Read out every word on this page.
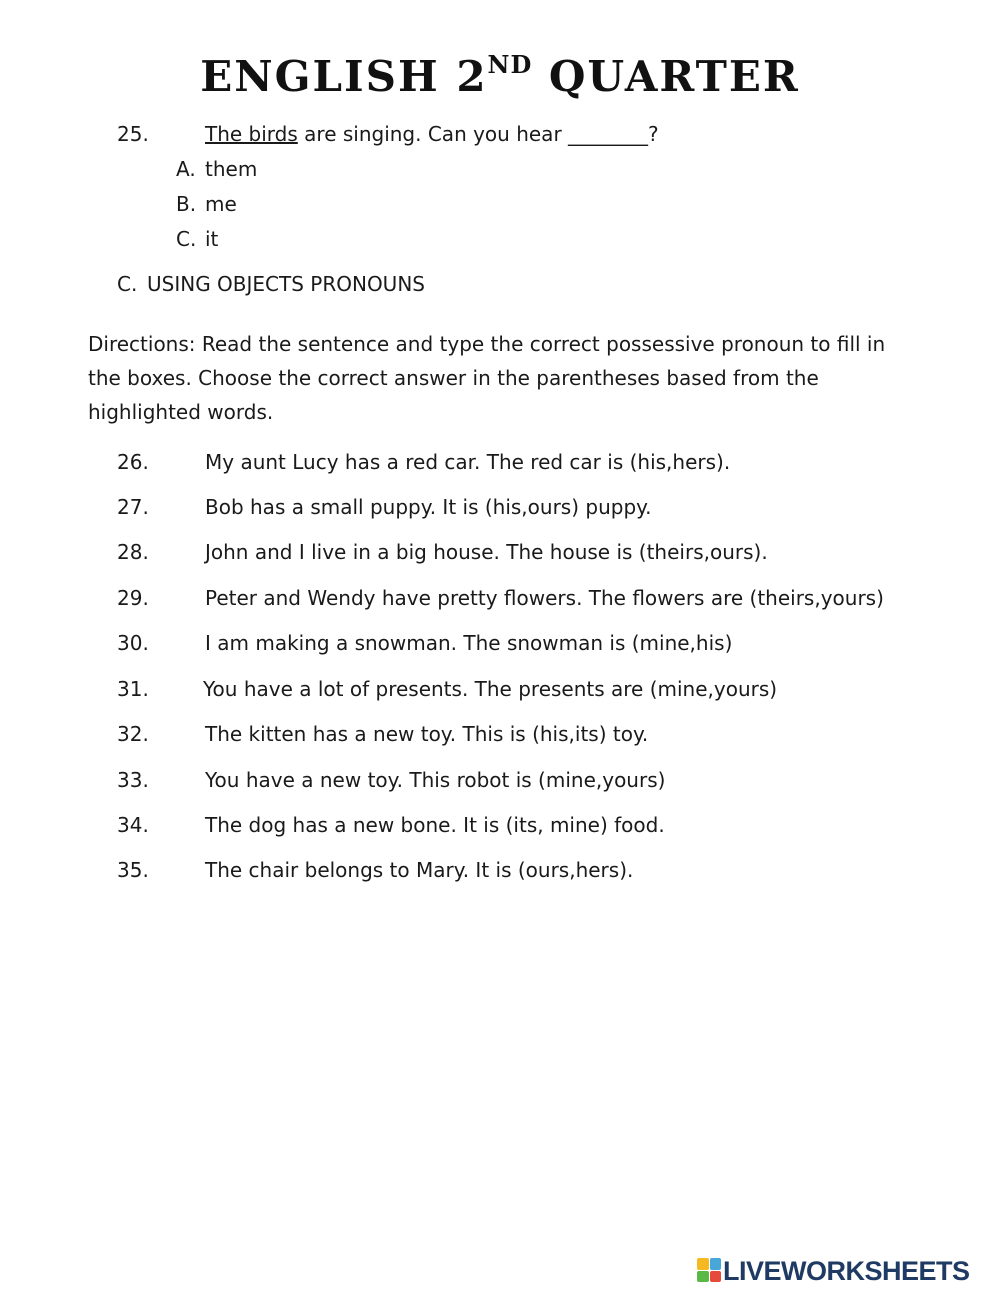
ENGLISH 2ND QUARTER
25.	The birds are singing. Can you hear ________?
A. them
B. me
C. it
C. USING OBJECTS PRONOUNS
Directions: Read the sentence and type the correct possessive pronoun to fill in the boxes. Choose the correct answer in the parentheses based from the highlighted words.
26.	My aunt Lucy has a red car. The red car is (his,hers).
27.	Bob has a small puppy. It is (his,ours) puppy.
28.	John and I live in a big house. The house is (theirs,ours).
29.	Peter and Wendy have pretty flowers. The flowers are (theirs,yours)
30.	I am making a snowman. The snowman is (mine,his)
31.	You have a lot of presents. The presents are (mine,yours)
32.	The kitten has a new toy. This is (his,its) toy.
33.	You have a new toy. This robot is (mine,yours)
34.	The dog has a new bone. It is (its, mine) food.
35.	The chair belongs to Mary. It is (ours,hers).
LIVEWORKSHEETS
